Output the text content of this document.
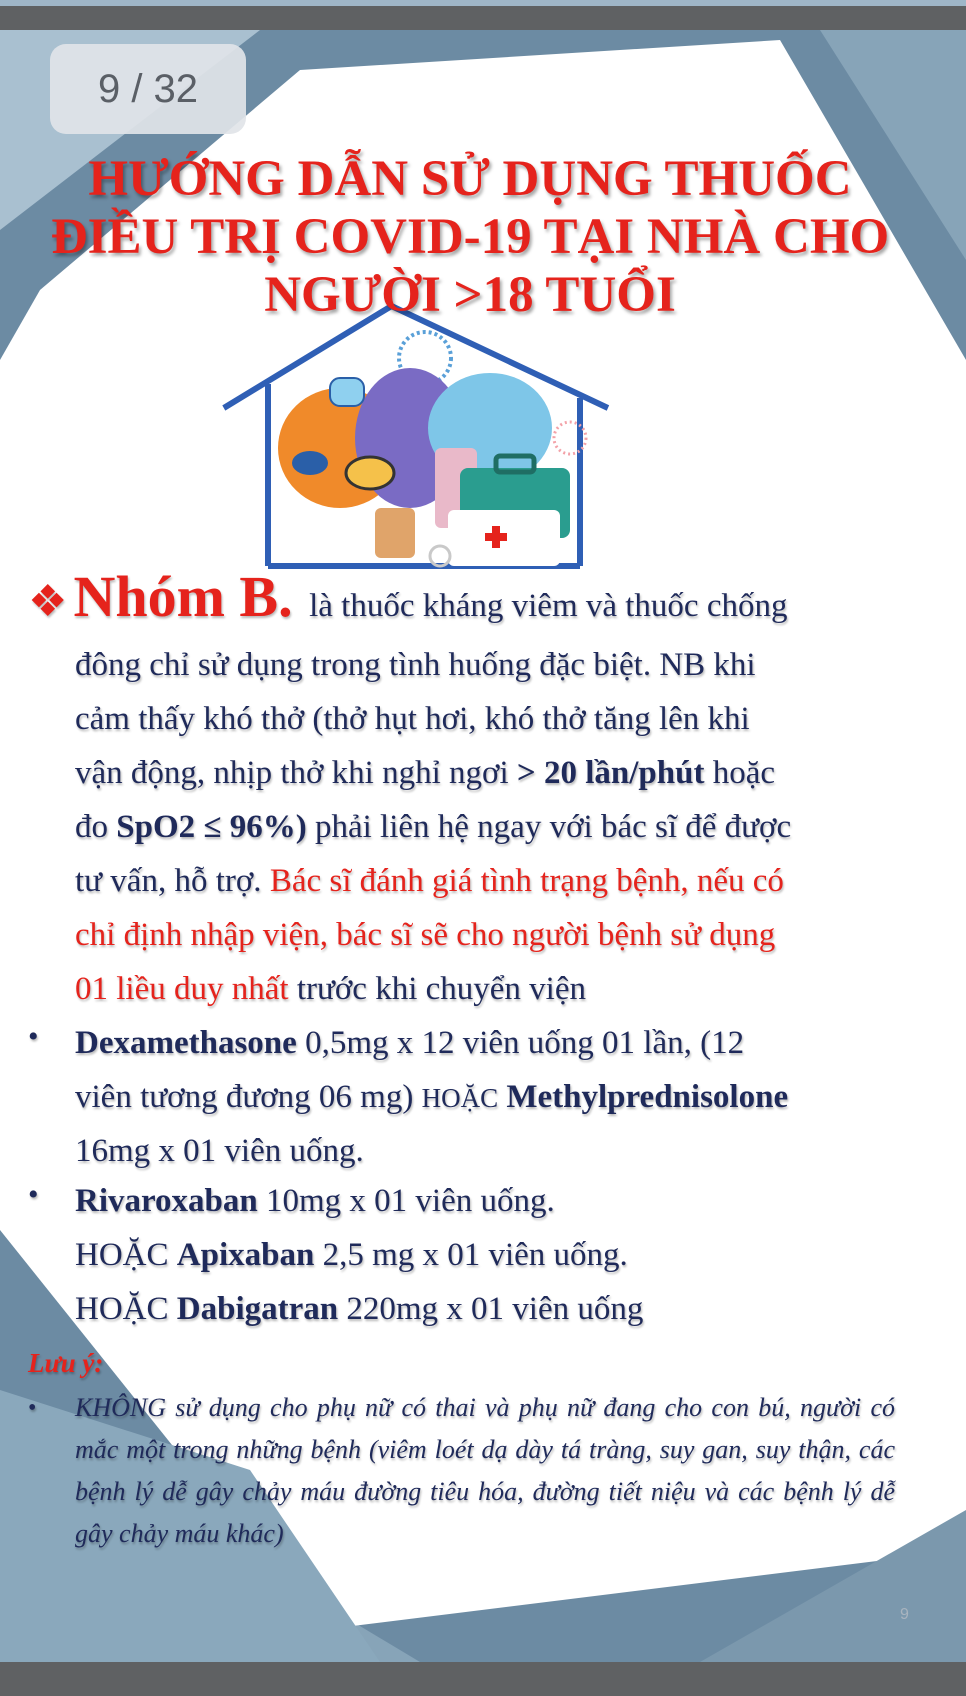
9 / 32
HƯỚNG DẪN SỬ DỤNG THUỐC
ĐIỀU TRỊ COVID-19 TẠI NHÀ CHO
NGƯỜI >18 TUỔI
❖ Nhóm B. là thuốc kháng viêm và thuốc chống
đông chỉ sử dụng trong tình huống đặc biệt. NB khi
cảm thấy khó thở (thở hụt hơi, khó thở tăng lên khi
vận động, nhịp thở khi nghỉ ngơi > 20 lần/phút hoặc
đo SpO2 ≤ 96%) phải liên hệ ngay với bác sĩ để được
tư vấn, hỗ trợ. Bác sĩ đánh giá tình trạng bệnh, nếu có
chỉ định nhập viện, bác sĩ sẽ cho người bệnh sử dụng
01 liều duy nhất trước khi chuyển viện
• Dexamethasone 0,5mg x 12 viên uống 01 lần, (12
viên tương đương 06 mg) HOẶC Methylprednisolone
16mg x 01 viên uống.
• Rivaroxaban 10mg x 01 viên uống.
HOẶC Apixaban 2,5 mg x 01 viên uống.
HOẶC Dabigatran 220mg x 01 viên uống
Lưu ý:
• KHÔNG sử dụng cho phụ nữ có thai và phụ nữ đang cho con bú, người có mắc một trong những bệnh (viêm loét dạ dày tá tràng, suy gan, suy thận, các bệnh lý dễ gây chảy máu đường tiêu hóa, đường tiết niệu và các bệnh lý dễ gây chảy máu khác)
9
